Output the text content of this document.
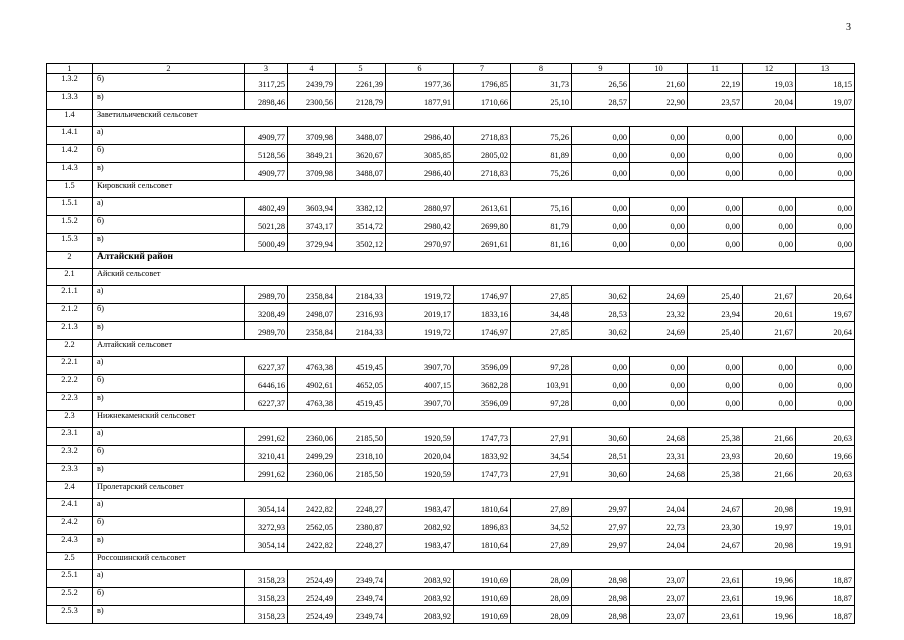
3
1	2	3	4	5	6	7	8	9	10	11	12	13
1.3.2	б)	3117,25	2439,79	2261,39	1977,36	1796,85	31,73	26,56	21,60	22,19	19,03	18,15
1.3.3	в)	2898,46	2300,56	2128,79	1877,91	1710,66	25,10	28,57	22,90	23,57	20,04	19,07
1.4	Заветильичевский сельсовет											
1.4.1	а)	4909,77	3709,98	3488,07	2986,40	2718,83	75,26	0,00	0,00	0,00	0,00	0,00
1.4.2	б)	5128,56	3849,21	3620,67	3085,85	2805,02	81,89	0,00	0,00	0,00	0,00	0,00
1.4.3	в)	4909,77	3709,98	3488,07	2986,40	2718,83	75,26	0,00	0,00	0,00	0,00	0,00
1.5	Кировский сельсовет											
1.5.1	а)	4802,49	3603,94	3382,12	2880,97	2613,61	75,16	0,00	0,00	0,00	0,00	0,00
1.5.2	б)	5021,28	3743,17	3514,72	2980,42	2699,80	81,79	0,00	0,00	0,00	0,00	0,00
1.5.3	в)	5000,49	3729,94	3502,12	2970,97	2691,61	81,16	0,00	0,00	0,00	0,00	0,00
2	Алтайский район											
2.1	Айский сельсовет											
2.1.1	а)	2989,70	2358,84	2184,33	1919,72	1746,97	27,85	30,62	24,69	25,40	21,67	20,64
2.1.2	б)	3208,49	2498,07	2316,93	2019,17	1833,16	34,48	28,53	23,32	23,94	20,61	19,67
2.1.3	в)	2989,70	2358,84	2184,33	1919,72	1746,97	27,85	30,62	24,69	25,40	21,67	20,64
2.2	Алтайский сельсовет											
2.2.1	а)	6227,37	4763,38	4519,45	3907,70	3596,09	97,28	0,00	0,00	0,00	0,00	0,00
2.2.2	б)	6446,16	4902,61	4652,05	4007,15	3682,28	103,91	0,00	0,00	0,00	0,00	0,00
2.2.3	в)	6227,37	4763,38	4519,45	3907,70	3596,09	97,28	0,00	0,00	0,00	0,00	0,00
2.3	Нижнекаменский сельсовет											
2.3.1	а)	2991,62	2360,06	2185,50	1920,59	1747,73	27,91	30,60	24,68	25,38	21,66	20,63
2.3.2	б)	3210,41	2499,29	2318,10	2020,04	1833,92	34,54	28,51	23,31	23,93	20,60	19,66
2.3.3	в)	2991,62	2360,06	2185,50	1920,59	1747,73	27,91	30,60	24,68	25,38	21,66	20,63
2.4	Пролетарский сельсовет											
2.4.1	а)	3054,14	2422,82	2248,27	1983,47	1810,64	27,89	29,97	24,04	24,67	20,98	19,91
2.4.2	б)	3272,93	2562,05	2380,87	2082,92	1896,83	34,52	27,97	22,73	23,30	19,97	19,01
2.4.3	в)	3054,14	2422,82	2248,27	1983,47	1810,64	27,89	29,97	24,04	24,67	20,98	19,91
2.5	Россошинский сельсовет											
2.5.1	а)	3158,23	2524,49	2349,74	2083,92	1910,69	28,09	28,98	23,07	23,61	19,96	18,87
2.5.2	б)	3158,23	2524,49	2349,74	2083,92	1910,69	28,09	28,98	23,07	23,61	19,96	18,87
2.5.3	в)	3158,23	2524,49	2349,74	2083,92	1910,69	28,09	28,98	23,07	23,61	19,96	18,87
